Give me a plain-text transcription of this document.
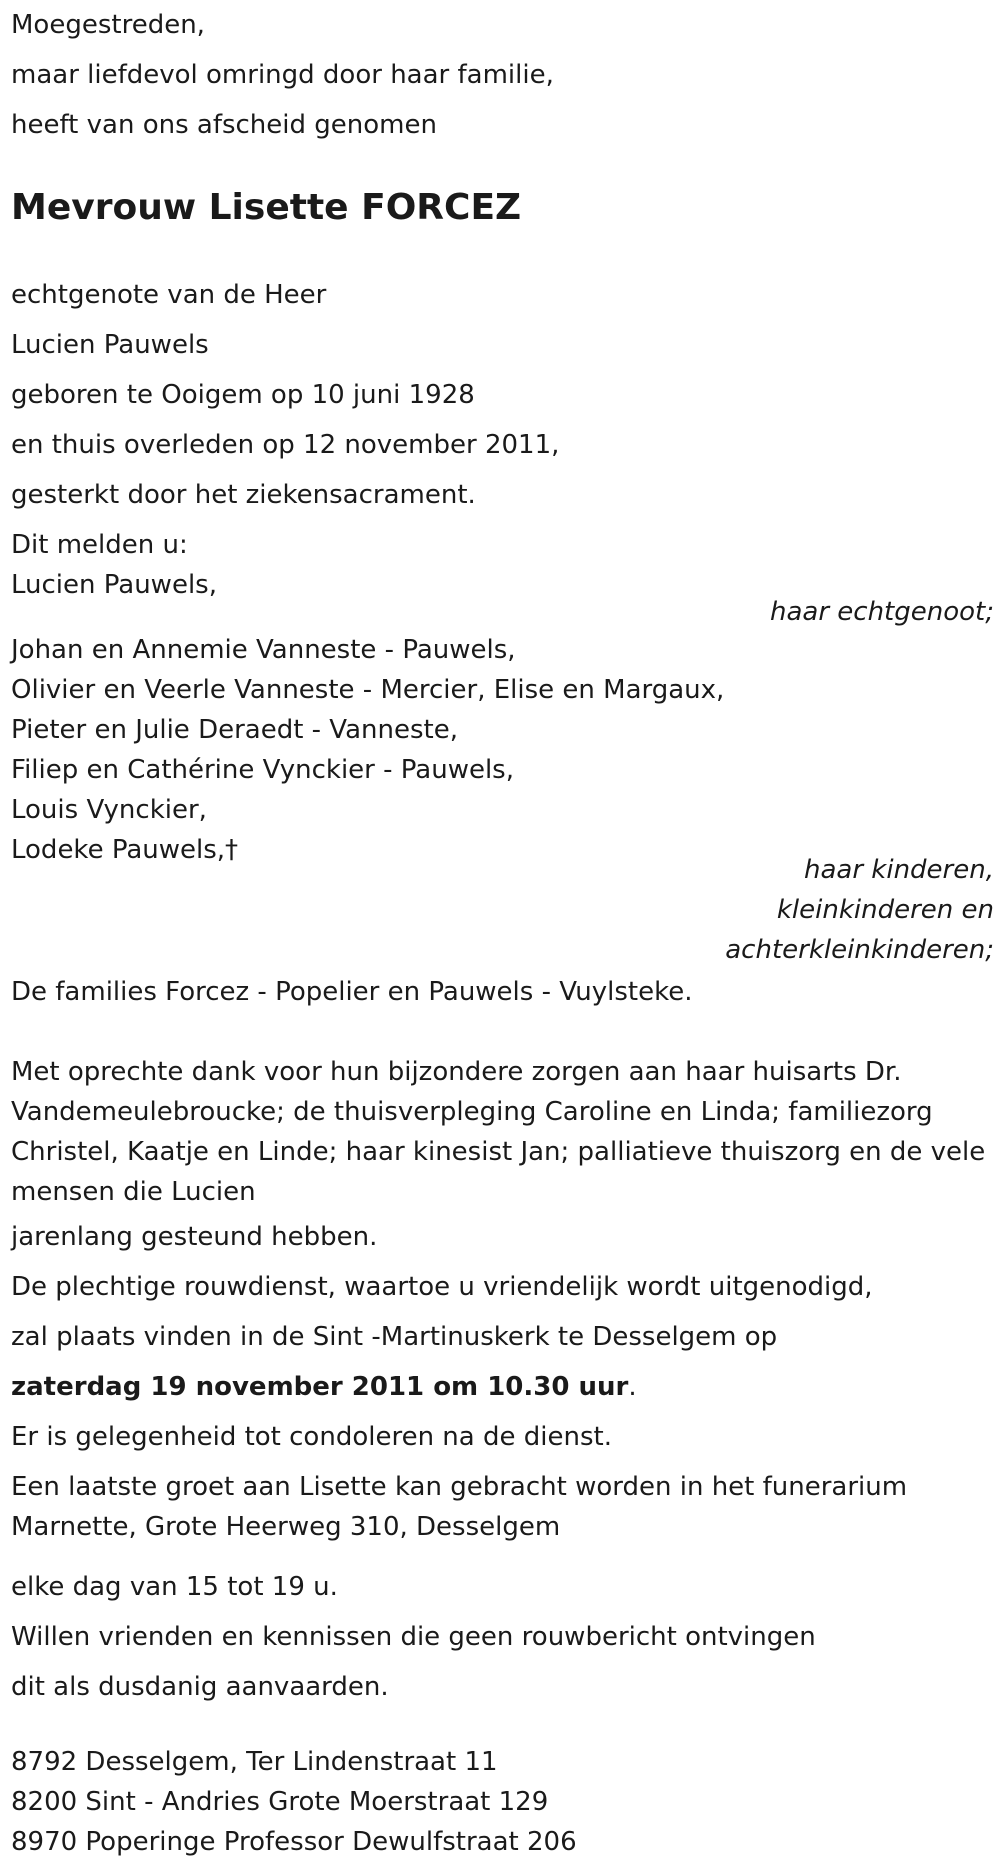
Moegestreden,
maar liefdevol omringd door haar familie,
heeft van ons afscheid genomen
Mevrouw Lisette FORCEZ
echtgenote van de Heer
Lucien Pauwels
geboren te Ooigem op 10 juni 1928
en thuis overleden op 12 november 2011,
gesterkt door het ziekensacrament.
Dit melden u:
Lucien Pauwels,
haar echtgenoot;
Johan en Annemie Vanneste - Pauwels,
Olivier en Veerle Vanneste - Mercier, Elise en Margaux,
Pieter en Julie Deraedt - Vanneste,
Filiep en Cathérine Vynckier - Pauwels,
Louis Vynckier,
Lodeke Pauwels,†
haar kinderen,
kleinkinderen en
achterkleinkinderen;
De families Forcez - Popelier en Pauwels - Vuylsteke.
Met oprechte dank voor hun bijzondere zorgen aan haar huisarts Dr. Vandemeulebroucke; de thuisverpleging Caroline en Linda; familiezorg Christel, Kaatje en Linde; haar kinesist Jan; palliatieve thuiszorg en de vele mensen die Lucien
jarenlang gesteund hebben.
De plechtige rouwdienst, waartoe u vriendelijk wordt uitgenodigd,
zal plaats vinden in de Sint -Martinuskerk te Desselgem op
zaterdag 19 november 2011 om 10.30 uur.
Er is gelegenheid tot condoleren na de dienst.
Een laatste groet aan Lisette kan gebracht worden in het funerarium Marnette, Grote Heerweg 310, Desselgem
elke dag van 15 tot 19 u.
Willen vrienden en kennissen die geen rouwbericht ontvingen
dit als dusdanig aanvaarden.
8792 Desselgem, Ter Lindenstraat 11
8200 Sint - Andries Grote Moerstraat 129
8970 Poperinge Professor Dewulfstraat 206
